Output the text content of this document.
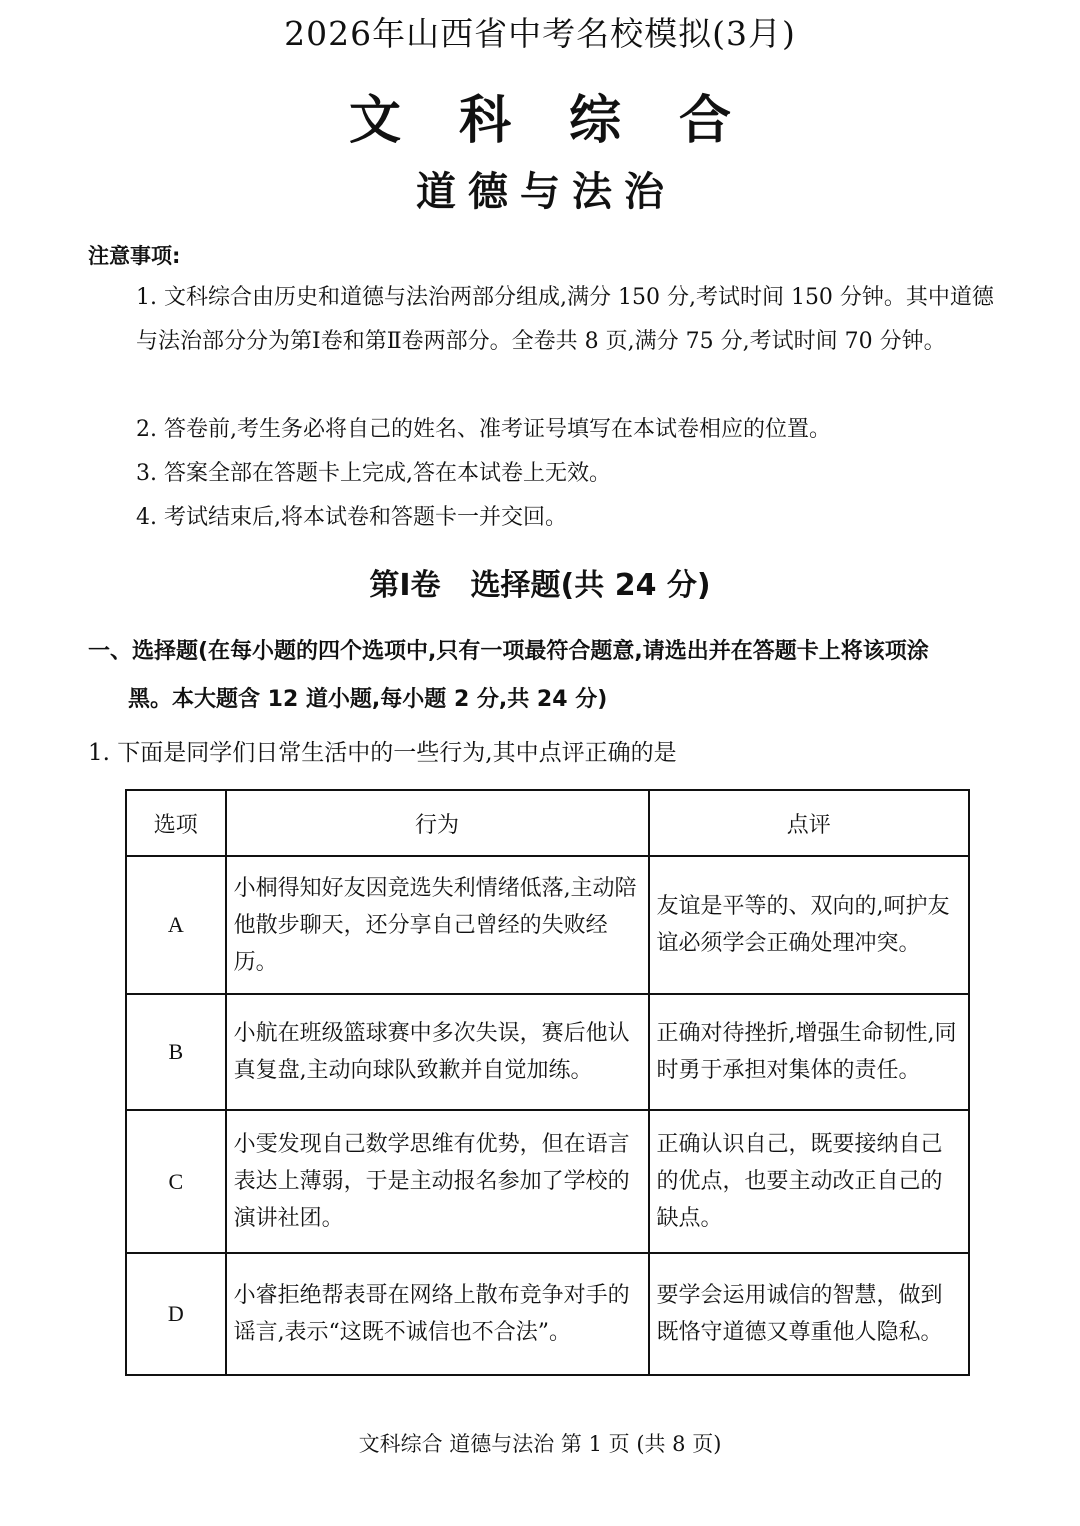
2026年山西省中考名校模拟(3月)
文科综合
道德与法治
注意事项:
1. 文科综合由历史和道德与法治两部分组成,满分 150 分,考试时间 150 分钟。其中道德与法治部分分为第Ⅰ卷和第Ⅱ卷两部分。全卷共 8 页,满分 75 分,考试时间 70 分钟。
2. 答卷前,考生务必将自己的姓名、准考证号填写在本试卷相应的位置。
3. 答案全部在答题卡上完成,答在本试卷上无效。
4. 考试结束后,将本试卷和答题卡一并交回。
第Ⅰ卷　选择题(共 24 分)
一、选择题(在每小题的四个选项中,只有一项最符合题意,请选出并在答题卡上将该项涂
黑。本大题含 12 道小题,每小题 2 分,共 24 分)
1. 下面是同学们日常生活中的一些行为,其中点评正确的是
选项	行为	点评
A	小桐得知好友因竞选失利情绪低落,主动陪他散步聊天，还分享自己曾经的失败经历。	友谊是平等的、双向的,呵护友谊必须学会正确处理冲突。
B	小航在班级篮球赛中多次失误，赛后他认真复盘,主动向球队致歉并自觉加练。	正确对待挫折,增强生命韧性,同时勇于承担对集体的责任。
C	小雯发现自己数学思维有优势，但在语言表达上薄弱，于是主动报名参加了学校的演讲社团。	正确认识自己，既要接纳自己的优点，也要主动改正自己的缺点。
D	小睿拒绝帮表哥在网络上散布竞争对手的谣言,表示“这既不诚信也不合法”。	要学会运用诚信的智慧，做到既恪守道德又尊重他人隐私。
文科综合 道德与法治 第 1 页 (共 8 页)
